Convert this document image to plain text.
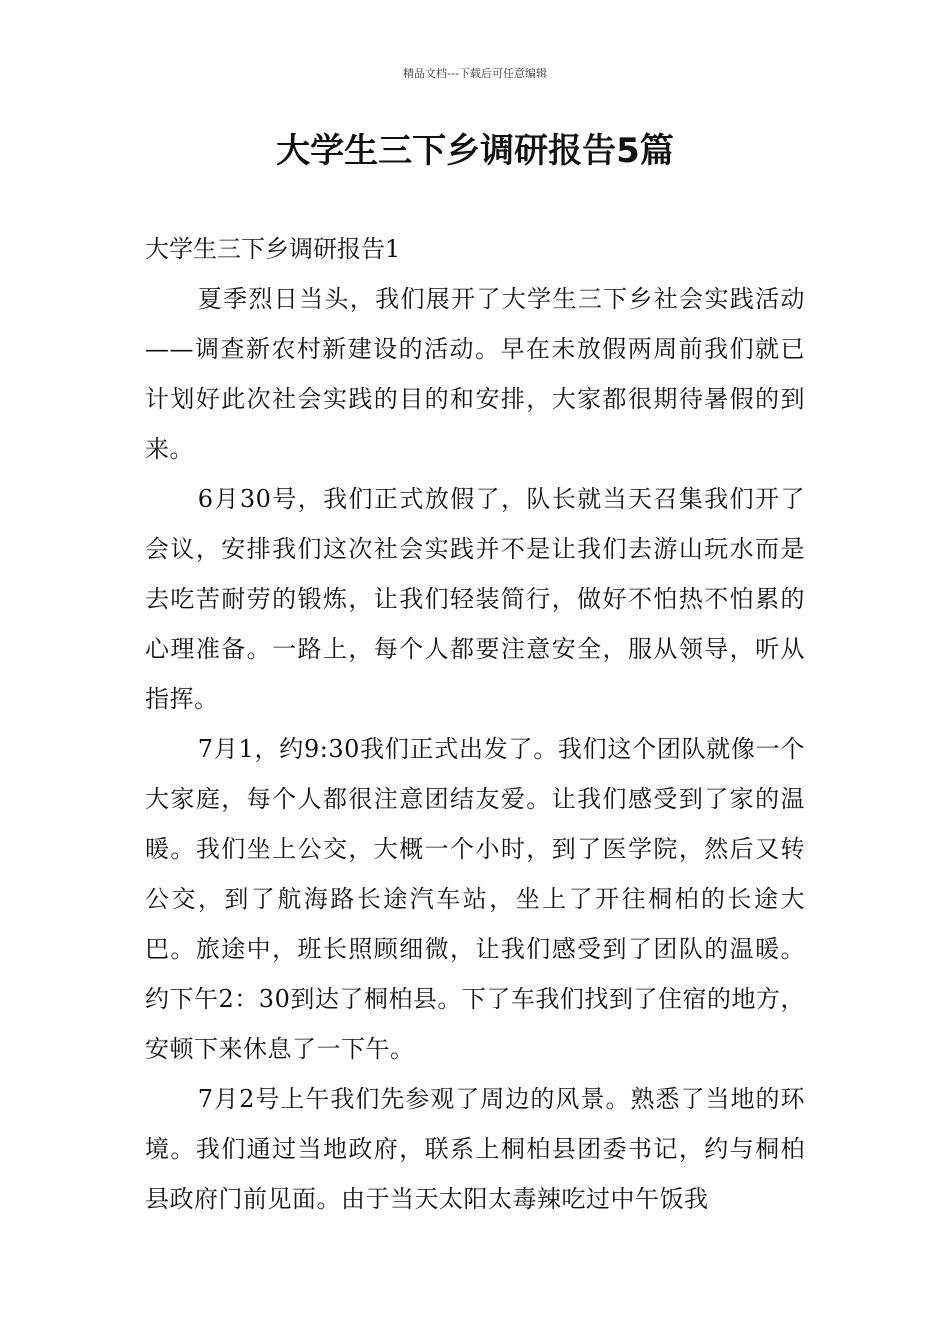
精品文档---下载后可任意编辑
大学生三下乡调研报告5篇
大学生三下乡调研报告1

夏季烈日当头，我们展开了大学生三下乡社会实践活动——调查新农村新建设的活动。早在未放假两周前我们就已计划好此次社会实践的目的和安排，大家都很期待暑假的到来。

6月30号，我们正式放假了，队长就当天召集我们开了会议，安排我们这次社会实践并不是让我们去游山玩水而是去吃苦耐劳的锻炼，让我们轻装简行，做好不怕热不怕累的心理准备。一路上，每个人都要注意安全，服从领导，听从指挥。

7月1，约9:30我们正式出发了。我们这个团队就像一个大家庭，每个人都很注意团结友爱。让我们感受到了家的温暖。我们坐上公交，大概一个小时，到了医学院，然后又转公交，到了航海路长途汽车站，坐上了开往桐柏的长途大巴。旅途中，班长照顾细微，让我们感受到了团队的温暖。约下午2：30到达了桐柏县。下了车我们找到了住宿的地方，安顿下来休息了一下午。

7月2号上午我们先参观了周边的风景。熟悉了当地的环境。我们通过当地政府，联系上桐柏县团委书记，约与桐柏县政府门前见面。由于当天太阳太毒辣吃过中午饭我
